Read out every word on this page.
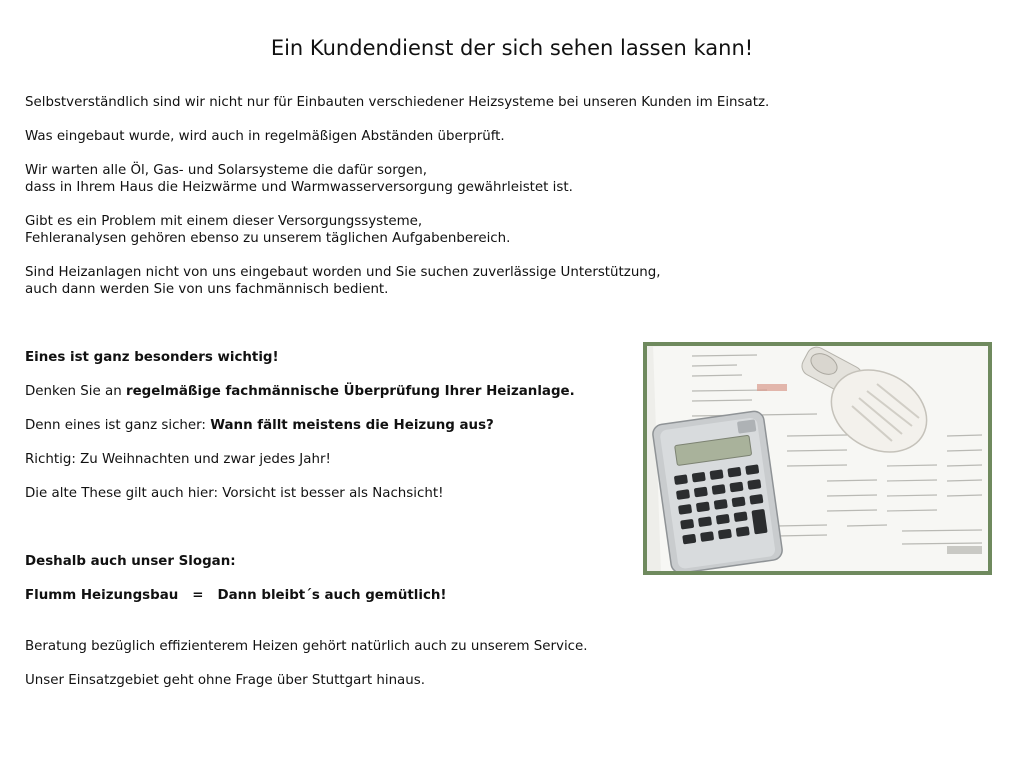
Ein Kundendienst der sich sehen lassen kann!

Selbstverständlich sind wir nicht nur für Einbauten verschiedener Heizsysteme bei unseren Kunden im Einsatz.

Was eingebaut wurde, wird auch in regelmäßigen Abständen überprüft.

Wir warten alle Öl, Gas- und Solarsysteme die dafür sorgen,

dass in Ihrem Haus die Heizwärme und Warmwasserversorgung gewährleistet ist.

Gibt es ein Problem mit einem dieser Versorgungssysteme,

Fehleranalysen gehören ebenso zu unserem täglichen Aufgabenbereich.

Sind Heizanlagen nicht von uns eingebaut worden und Sie suchen zuverlässige Unterstützung,

auch dann werden Sie von uns fachmännisch bedient.

Eines ist ganz besonders wichtig!

Denken Sie an regelmäßige fachmännische Überprüfung Ihrer Heizanlage.

Denn eines ist ganz sicher: Wann fällt meistens die Heizung aus?

Richtig: Zu Weihnachten und zwar jedes Jahr!

Die alte These gilt auch hier: Vorsicht ist besser als Nachsicht!

Deshalb auch unser Slogan:

Flumm Heizungsbau   =   Dann bleibt´s auch gemütlich!

Beratung bezüglich effizienterem Heizen gehört natürlich auch zu unserem Service.

Unser Einsatzgebiet geht ohne Frage über Stuttgart hinaus.
